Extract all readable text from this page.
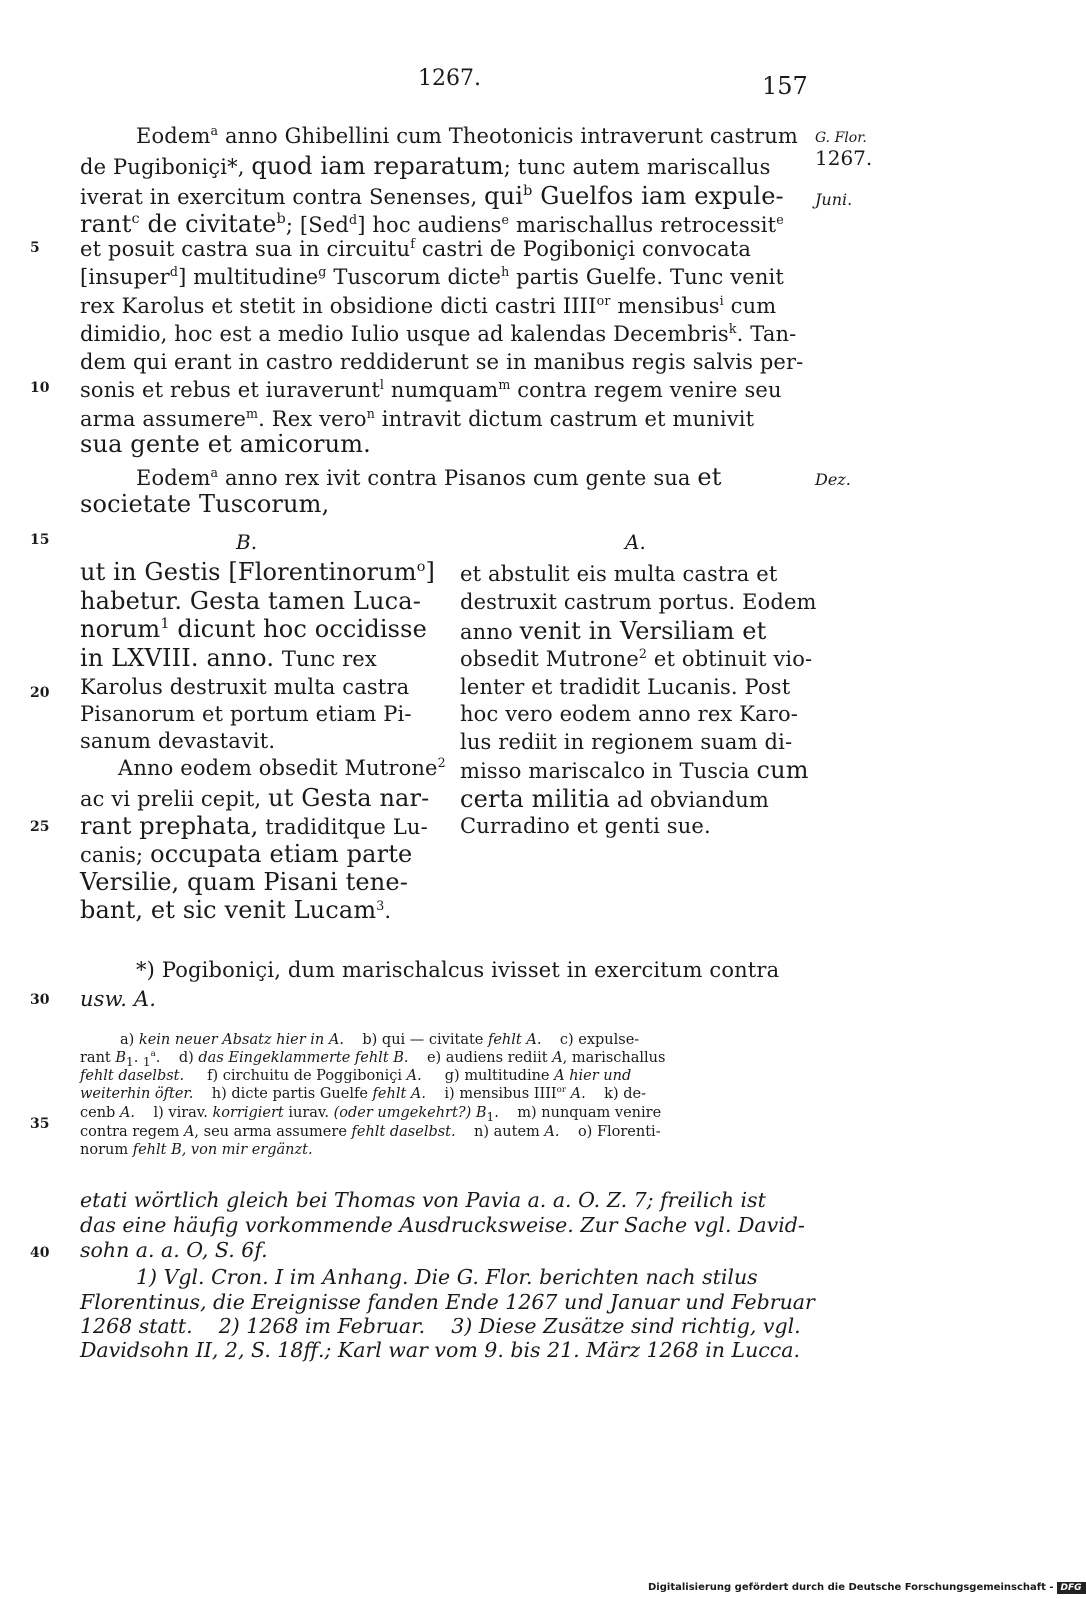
1267.	157
G. Flor.
1267.
Juni.
Dez.
5
10
15
20
25
30
35
40
Eodem$^a$ anno Ghibellini cum Theotonicis intraverunt castrum
de Pugiboniçi*, quod iam reparatum; tunc autem mariscallus
iverat in exercitum contra Senenses, qui$^b$ Guelfos iam expule-
rant$^c$ de civitate$^b$; [Sed$^d$] hoc audiens$^e$ marischallus retrocessit$^e$
et posuit castra sua in circuitu$^f$ castri de Pogiboniçi convocata
[insuper$^d$] multitudine$^g$ Tuscorum dicte$^h$ partis Guelfe. Tunc venit
rex Karolus et stetit in obsidione dicti castri $IIII^{or}$ mensibus$^i$ cum
dimidio, hoc est a medio Iulio usque ad kalendas Decembris$^k$. Tan-
dem qui erant in castro reddiderunt se in manibus regis salvis per-
sonis et rebus et iuraverunt$^l$ numquam$^m$ contra regem venire seu
arma assumere$^m$. Rex vero$^n$ intravit dictum castrum et munivit
sua gente et amicorum.
Eodem$^a$ anno rex ivit contra Pisanos cum gente sua et
societate Tuscorum,
B.	A.
ut in Gestis [Florentinorum$^o$]
habetur. Gesta tamen Luca-
norum$^1$ dicunt hoc occidisse
in LXVIII. anno. Tunc rex
Karolus destruxit multa castra
Pisanorum et portum etiam Pi-
sanum devastavit.
Anno eodem obsedit Mutrone$^2$
ac vi prelii cepit, ut Gesta nar-
rant prephata, tradiditque Lu-
canis; occupata etiam parte
Versilie, quam Pisani tene-
bant, et sic venit Lucam$^3$.
et abstulit eis multa castra et
destruxit castrum portus. Eodem
anno venit in Versiliam et
obsedit Mutrone$^2$ et obtinuit vio-
lenter et tradidit Lucanis. Post
hoc vero eodem anno rex Karo-
lus rediit in regionem suam di-
misso mariscalco in Tuscia cum
certa militia ad obviandum
Curradino et genti sue.
*) Pogiboniçi, dum marischalcus ivisset in exercitum contra
usw. A.
a) kein neuer Absatz hier in A.    b) qui — civitate fehlt A.    c) expulse-
rant $B_1$. $_1^a$.    d) das Eingeklammerte fehlt B.    e) audiens rediit A, marischallus
fehlt daselbst.     f) circhuitu de Poggiboniçi A.     g) multitudine A hier und
weiterhin öfter.    h) dicte partis Guelfe fehlt A.    i) mensibus $IIII^{or}$ A.    k) de-
cenb A.    l) virav. korrigiert iurav. (oder umgekehrt?) $B_1$.    m) nunquam venire
contra regem A, seu arma assumere fehlt daselbst.    n) autem A.    o) Florenti-
norum fehlt B, von mir ergänzt.
etati wörtlich gleich bei Thomas von Pavia a. a. O. Z. 7; freilich ist
das eine häufig vorkommende Ausdrucksweise. Zur Sache vgl. David-
sohn a. a. O, S. 6f.
1) Vgl. Cron. I im Anhang. Die G. Flor. berichten nach stilus
Florentinus, die Ereignisse fanden Ende 1267 und Januar und Februar
1268 statt.    2) 1268 im Februar.    3) Diese Zusätze sind richtig, vgl.
Davidsohn II, 2, S. 18ff.; Karl war vom 9. bis 21. März 1268 in Lucca.
Digitalisierung gefördert durch die Deutsche Forschungsgemeinschaft - DFG
